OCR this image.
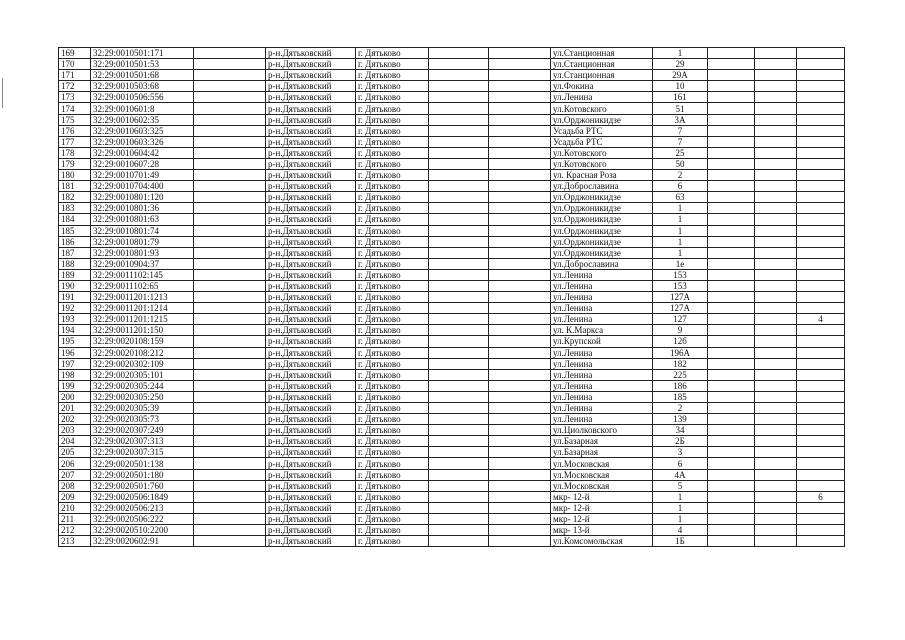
169	32:29:0010501:171		р-н.Дятьковский	г. Дятьково			ул.Станционная	1			
170	32:29:0010501:53		р-н.Дятьковский	г. Дятьково			ул.Станционная	29			
171	32:29:0010501:68		р-н.Дятьковский	г. Дятьково			ул.Станционная	29А			
172	32:29:0010503:68		р-н.Дятьковский	г. Дятьково			ул.Фокина	10			
173	32:29:0010506:556		р-н.Дятьковский	г. Дятьково			ул.Ленина	161			
174	32:29:0010601:8		р-н.Дятьковский	г. Дятьково			ул.Котовского	51			
175	32:29:0010602:35		р-н.Дятьковский	г. Дятьково			ул.Орджоникидзе	3А			
176	32:29:0010603:325		р-н.Дятьковский	г. Дятьково			Усадьба РТС	7			
177	32:29:0010603:326		р-н.Дятьковский	г. Дятьково			Усадьба РТС	7			
178	32:29:0010604:42		р-н.Дятьковский	г. Дятьково			ул.Котовского	25			
179	32:29:0010607:28		р-н.Дятьковский	г. Дятьково			ул.Котовского	50			
180	32:29:0010701:49		р-н.Дятьковский	г. Дятьково			ул. Красная Роза	2			
181	32:29:0010704:400		р-н.Дятьковский	г. Дятьково			ул.Доброславина	6			
182	32:29:0010801:120		р-н.Дятьковский	г. Дятьково			ул.Орджоникидзе	63			
183	32:29:0010801:36		р-н.Дятьковский	г. Дятьково			ул.Орджоникидзе	1			
184	32:29:0010801:63		р-н.Дятьковский	г. Дятьково			ул.Орджоникидзе	1			
185	32:29:0010801:74		р-н.Дятьковский	г. Дятьково			ул.Орджоникидзе	1			
186	32:29:0010801:79		р-н.Дятьковский	г. Дятьково			ул.Орджоникидзе	1			
187	32:29:0010801:93		р-н.Дятьковский	г. Дятьково			ул.Орджоникидзе	1			
188	32:29:0010904:37		р-н.Дятьковский	г. Дятьково			ул.Доброславина	1е			
189	32:29:0011102:145		р-н.Дятьковский	г. Дятьково			ул.Ленина	153			
190	32:29:0011102:65		р-н.Дятьковский	г. Дятьково			ул.Ленина	153			
191	32:29:0011201:1213		р-н.Дятьковский	г. Дятьково			ул.Ленина	127А			
192	32:29:0011201:1214		р-н.Дятьковский	г. Дятьково			ул.Ленина	127А			
193	32:29:0011201:1215		р-н.Дятьковский	г. Дятьково			ул.Ленина	127			4
194	32:29:0011201:150		р-н.Дятьковский	г. Дятьково			ул. К.Маркса	9			
195	32:29:0020108:159		р-н.Дятьковский	г. Дятьково			ул.Крупской	12б			
196	32:29:0020108:212		р-н.Дятьковский	г. Дятьково			ул.Ленина	196А			
197	32:29:0020302:109		р-н.Дятьковский	г. Дятьково			ул.Ленина	182			
198	32:29:0020305:101		р-н.Дятьковский	г. Дятьково			ул.Ленина	225			
199	32:29:0020305:244		р-н.Дятьковский	г. Дятьково			ул.Ленина	186			
200	32:29:0020305:250		р-н.Дятьковский	г. Дятьково			ул.Ленина	185			
201	32:29:0020305:39		р-н.Дятьковский	г. Дятьково			ул.Ленина	2			
202	32:29:0020305:73		р-н.Дятьковский	г. Дятьково			ул.Ленина	139			
203	32:29:0020307:249		р-н.Дятьковский	г. Дятьково			ул.Циолковского	34			
204	32:29:0020307:313		р-н.Дятьковский	г. Дятьково			ул.Базарная	2Б			
205	32:29:0020307:315		р-н.Дятьковский	г. Дятьково			ул.Базарная	3			
206	32:29:0020501:138		р-н.Дятьковский	г. Дятьково			ул.Московская	6			
207	32:29:0020501:180		р-н.Дятьковский	г. Дятьково			ул.Московская	4А			
208	32:29:0020501:760		р-н.Дятьковский	г. Дятьково			ул.Московская	5			
209	32:29:0020506:1849		р-н.Дятьковский	г. Дятьково			мкр- 12-й	1			6
210	32:29:0020506:213		р-н.Дятьковский	г. Дятьково			мкр- 12-й	1			
211	32:29:0020506:222		р-н.Дятьковский	г. Дятьково			мкр- 12-й	1			
212	32:29:0020510:2200		р-н.Дятьковский	г. Дятьково			мкр- 13-й	4			
213	32:29:0020602:91		р-н.Дятьковский	г. Дятьково			ул.Комсомольская	1Б			
